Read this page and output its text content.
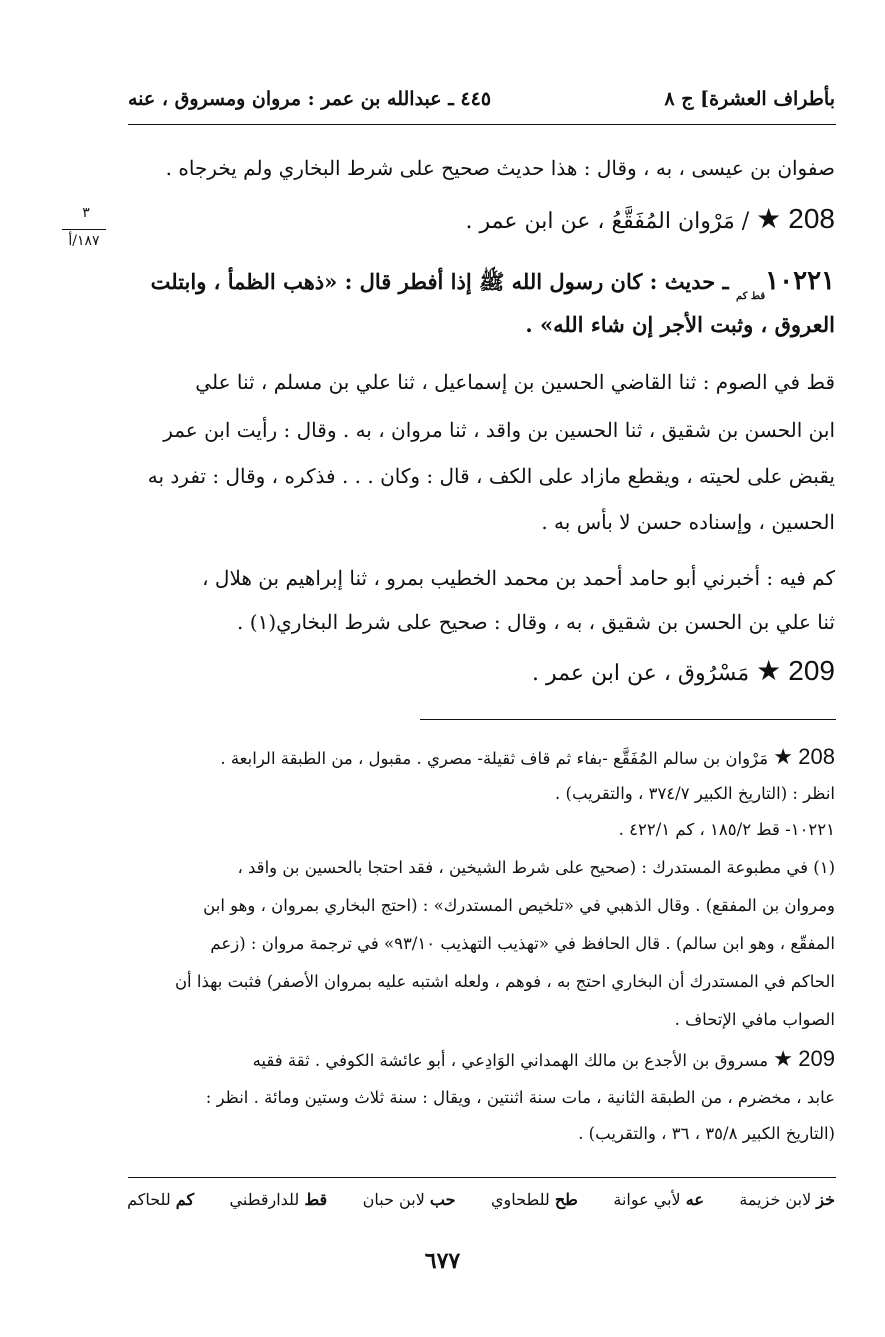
بأطراف العشرة] ج ٨
٤٤٥ ـ عبدالله بن عمر : مروان ومسروق ، عنه
٣
١٨٧/أ
صفوان بن عيسى ، به ، وقال : هذا حديث صحيح على شرط البخاري ولم يخرجاه .
208 ★ / مَرْوان المُفَقَّعُ ، عن ابن عمر .
$١٠٢٢١_{قط كم}$ ـ حديث : كان رسول الله ﷺ إذا أفطر قال : «ذهب الظمأ ، وابتلت
العروق ، وثبت الأجر إن شاء الله» .
قط في الصوم : ثنا القاضي الحسين بن إسماعيل ، ثنا علي بن مسلم ، ثنا علي
ابن الحسن بن شقيق ، ثنا الحسين بن واقد ، ثنا مروان ، به . وقال : رأيت ابن عمر
يقبض على لحيته ، ويقطع مازاد على الكف ، قال : وكان . . . فذكره ، وقال : تفرد به
الحسين ، وإسناده حسن لا بأس به .
كم فيه : أخبرني أبو حامد أحمد بن محمد الخطيب بمرو ، ثنا إبراهيم بن هلال ،
ثنا علي بن الحسن بن شقيق ، به ، وقال : صحيح على شرط البخاري(١) .
209 ★ مَسْرُوق ، عن ابن عمر .
208 ★ مَرْوان بن سالم المُفَقَّع -بفاء ثم قاف ثقيلة- مصري . مقبول ، من الطبقة الرابعة .
انظر : (التاريخ الكبير ٣٧٤/٧ ، والتقريب) .
١٠٢٢١- قط ١٨٥/٢ ، كم ٤٢٢/١ .
(١) في مطبوعة المستدرك : (صحيح على شرط الشيخين ، فقد احتجا بالحسين بن واقد ،
ومروان بن المفقع) . وقال الذهبي في «تلخيص المستدرك» : (احتج البخاري بمروان ، وهو ابن
المفقّع ، وهو ابن سالم) . قال الحافظ في «تهذيب التهذيب ٩٣/١٠» في ترجمة مروان : (زعم
الحاكم في المستدرك أن البخاري احتج به ، فوهم ، ولعله اشتبه عليه بمروان الأصفر) فثبت بهذا أن
الصواب مافي الإتحاف .
209 ★ مسروق بن الأجدع بن مالك الهمداني الوَادِعي ، أبو عائشة الكوفي . ثقة فقيه
عابد ، مخضرم ، من الطبقة الثانية ، مات سنة اثنتين ، ويقال : سنة ثلاث وستين ومائة . انظر :
(التاريخ الكبير ٣٥/٨ ، ٣٦ ، والتقريب) .
خز لابن خزيمة
عه لأبي عوانة
طح للطحاوي
حب لابن حبان
قط للدارقطني
كم للحاكم
٦٧٧
